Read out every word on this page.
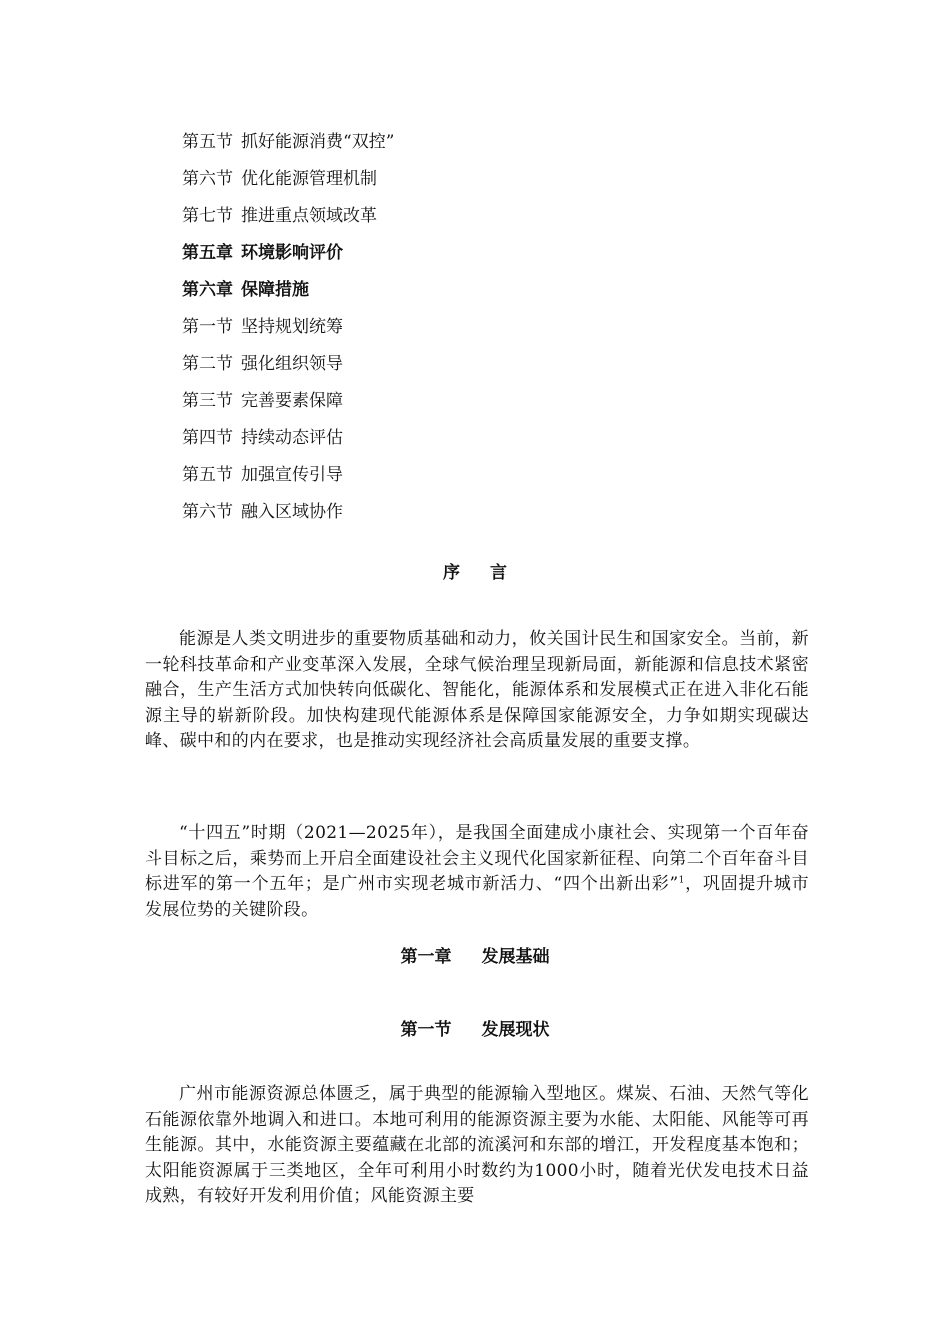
第五节 抓好能源消费“双控”
第六节 优化能源管理机制
第七节 推进重点领域改革
第五章 环境影响评价
第六章 保障措施
第一节 坚持规划统筹
第二节 强化组织领导
第三节 完善要素保障
第四节 持续动态评估
第五节 加强宣传引导
第六节 融入区域协作
序 言

能源是人类文明进步的重要物质基础和动力，攸关国计民生和国家安全。当前，新一轮科技革命和产业变革深入发展，全球气候治理呈现新局面，新能源和信息技术紧密融合，生产生活方式加快转向低碳化、智能化，能源体系和发展模式正在进入非化石能源主导的崭新阶段。加快构建现代能源体系是保障国家能源安全，力争如期实现碳达峰、碳中和的内在要求，也是推动实现经济社会高质量发展的重要支撑。

“十四五”时期（2021—2025年），是我国全面建成小康社会、实现第一个百年奋斗目标之后，乘势而上开启全面建设社会主义现代化国家新征程、向第二个百年奋斗目标进军的第一个五年；是广州市实现老城市新活力、“四个出新出彩”$^1$，巩固提升城市发展位势的关键阶段。

第一章 发展基础
第一节 发展现状

广州市能源资源总体匮乏，属于典型的能源输入型地区。煤炭、石油、天然气等化石能源依靠外地调入和进口。本地可利用的能源资源主要为水能、太阳能、风能等可再生能源。其中，水能资源主要蕴藏在北部的流溪河和东部的增江，开发程度基本饱和；太阳能资源属于三类地区，全年可利用小时数约为1000小时，随着光伏发电技术日益成熟，有较好开发利用价值；风能资源主要
